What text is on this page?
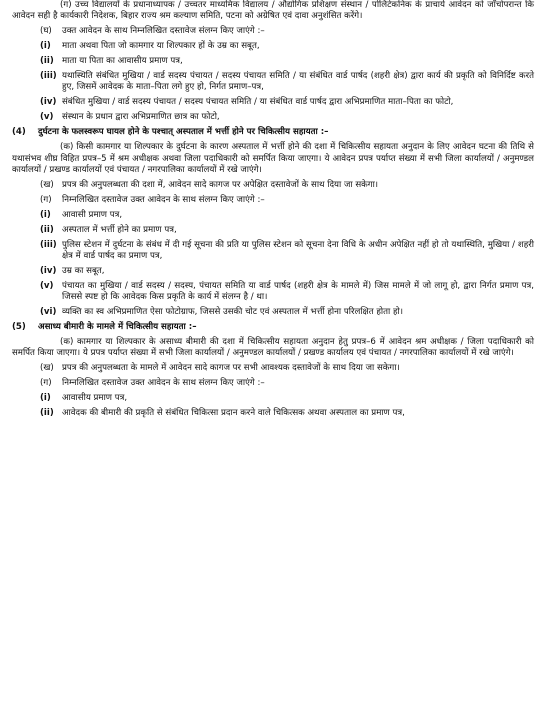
(ग) उच्च विद्यालयों के प्रधानाध्यापक / उच्चतर माध्यमिक विद्यालय / औद्योगिक प्रशिक्षण संस्थान / पोलिटेकनिक के प्राचार्य आवेदन को जाँचोपरान्त कि आवेदन सही है कार्यकारी निदेशक, बिहार राज्य श्रम कल्याण समिति, पटना को अग्रेषित एवं दावा अनुशंसित करेंगे।

(घ) उक्त आवेदन के साथ निम्नलिखित दस्तावेज संलग्न किए जाएंगे :–
(i) माता अथवा पिता जो कामगार या शिल्पकार हों के उम्र का सबूत,
(ii) माता या पिता का आवासीय प्रमाण पत्र,
(iii) यथास्थिति संबंधित मुखिया / वार्ड सदस्य पंचायत / सदस्य पंचायत समिति / या संबंधित वार्ड पार्षद (शहरी क्षेत्र) द्वारा कार्य की प्रकृति को विनिर्दिष्ट करते हुए, जिसमें आवेदक के माता–पिता लगे हुए हो, निर्गत प्रमाण–पत्र,
(iv) संबंधित मुखिया / वार्ड सदस्य पंचायत / सदस्य पंचायत समिति / या संबंधित वार्ड पार्षद द्वारा अभिप्रमाणित माता–पिता का फोटो,
(v) संस्थान के प्रधान द्वारा अभिप्रमाणित छात्र का फोटो,
(4) दुर्घटना के फलस्वरूप घायल होने के पश्चात् अस्पताल में भर्त्ती होने पर चिकित्सीय सहायता :–

(क) किसी कामगार या शिल्पकार के दुर्घटना के कारण अस्पताल में भर्त्ती होने की दशा में चिकित्सीय सहायता अनुदान के लिए आवेदन घटना की तिथि से यथासंभव शीघ्र विहित प्रपत्र–5 में श्रम अधीक्षक अथवा जिला पदाधिकारी को समर्पित किया जाएगा। ये आवेदन प्रपत्र पर्याप्त संख्या में सभी जिला कार्यालयों / अनुमण्डल कार्यालयों / प्रखण्ड कार्यालयों एवं पंचायत / नगरपालिका कार्यालयों में रखे जाएंगे।

(ख) प्रपत्र की अनुपलब्धता की दशा में, आवेदन सादे कागज पर अपेक्षित दस्तावेजों के साथ दिया जा सकेगा।
(ग) निम्नलिखित दस्तावेज उक्त आवेदन के साथ संलग्न किए जाएंगे :–
(i) आवासी प्रमाण पत्र,
(ii) अस्पताल में भर्त्ती होने का प्रमाण पत्र,
(iii) पुलिस स्टेशन में दुर्घटना के संबंध में दी गई सूचना की प्रति या पुलिस स्टेशन को सूचना देना विधि के अधीन अपेक्षित नहीं हो तो यथास्थिति, मुखिया / शहरी क्षेत्र में वार्ड पार्षद का प्रमाण पत्र,
(iv) उम्र का सबूत,
(v) पंचायत का मुखिया / वार्ड सदस्य / सदस्य, पंचायत समिति या वार्ड पार्षद (शहरी क्षेत्र के मामले में) जिस मामले में जो लागू हो, द्वारा निर्गत प्रमाण पत्र, जिससे स्पष्ट हो कि आवेदक किस प्रकृति के कार्य में संलग्न है / था।
(vi) व्यक्ति का स्व अभिप्रमाणित ऐसा फोटोग्राफ, जिससे उसकी चोट एवं अस्पताल में भर्त्ती होना परिलक्षित होता हो।
(5) असाध्य बीमारी के मामले में चिकित्सीय सहायता :–

(क) कामगार या शिल्पकार के असाध्य बीमारी की दशा में चिकित्सीय सहायता अनुदान हेतु प्रपत्र–6 में आवेदन श्रम अधीक्षक / जिला पदाधिकारी को समर्पित किया जाएगा। ये प्रपत्र पर्याप्त संख्या में सभी जिला कार्यालयों / अनुमण्डल कार्यालयों / प्रखण्ड कार्यालय एवं पंचायत / नगरपालिका कार्यालयों में रखे जाएंगे।

(ख) प्रपत्र की अनुपलब्धता के मामले में आवेदन सादे कागज पर सभी आवश्यक दस्तावेजों के साथ दिया जा सकेगा।
(ग) निम्नलिखित दस्तावेज उक्त आवेदन के साथ संलग्न किए जाएंगे :–
(i) आवासीय प्रमाण पत्र,
(ii) आवेदक की बीमारी की प्रकृति से संबंधित चिकित्सा प्रदान करने वाले चिकित्सक अथवा अस्पताल का प्रमाण पत्र,
